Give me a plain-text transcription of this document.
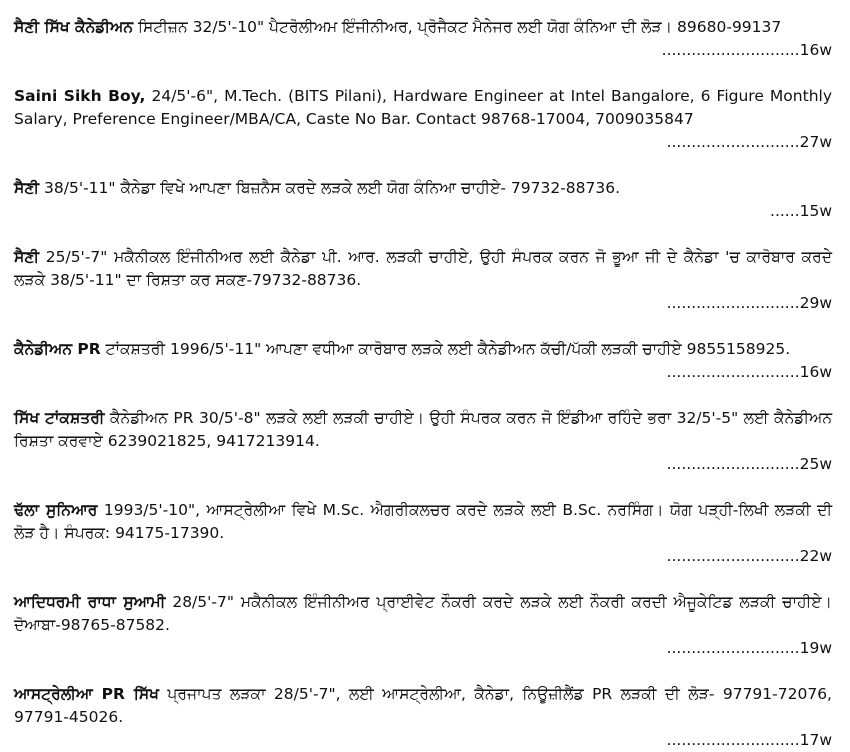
ਸੈਣੀ ਸਿੱਖ ਕੈਨੇਡੀਅਨ ਸਿਟੀਜ਼ਨ 32/5'-10" ਪੈਟਰੋਲੀਅਮ ਇੰਜੀਨੀਅਰ, ਪ੍ਰੋਜੈਕਟ ਮੈਨੇਜਰ ਲਈ ਯੋਗ ਕੰਨਿਆ ਦੀ ਲੋੜ। 89680-99137
............................16w
Saini Sikh Boy, 24/5'-6", M.Tech. (BITS Pilani), Hardware Engineer at Intel Bangalore, 6 Figure Monthly Salary, Preference Engineer/MBA/CA, Caste No Bar. Contact 98768-17004, 7009035847
...........................27w
ਸੈਣੀ 38/5'-11" ਕੈਨੇਡਾ ਵਿਖੇ ਆਪਣਾ ਬਿਜ਼ਨੈਸ ਕਰਦੇ ਲੜਕੇ ਲਈ ਯੋਗ ਕੰਨਿਆ ਚਾਹੀਏ- 79732-88736.
......15w
ਸੈਣੀ 25/5'-7" ਮਕੈਨੀਕਲ ਇੰਜੀਨੀਅਰ ਲਈ ਕੈਨੇਡਾ ਪੀ. ਆਰ. ਲੜਕੀ ਚਾਹੀਏ, ਉਹੀ ਸੰਪਰਕ ਕਰਨ ਜੋ ਭੂਆ ਜੀ ਦੇ ਕੈਨੇਡਾ 'ਚ ਕਾਰੋਬਾਰ ਕਰਦੇ ਲੜਕੇ 38/5'-11" ਦਾ ਰਿਸ਼ਤਾ ਕਰ ਸਕਣ-79732-88736.
...........................29w
ਕੈਨੇਡੀਅਨ PR ਟਾਂਕਸ਼ਤਰੀ 1996/5'-11" ਆਪਣਾ ਵਧੀਆ ਕਾਰੋਬਾਰ ਲੜਕੇ ਲਈ ਕੈਨੇਡੀਅਨ ਕੱਚੀ/ਪੱਕੀ ਲੜਕੀ ਚਾਹੀਏ 9855158925.
...........................16w
ਸਿੱਖ ਟਾਂਕਸ਼ਤਰੀ ਕੈਨੇਡੀਅਨ PR 30/5'-8" ਲੜਕੇ ਲਈ ਲੜਕੀ ਚਾਹੀਏ। ਉਹੀ ਸੰਪਰਕ ਕਰਨ ਜੋ ਇੰਡੀਆ ਰਹਿੰਦੇ ਭਰਾ 32/5'-5" ਲਈ ਕੈਨੇਡੀਅਨ ਰਿਸ਼ਤਾ ਕਰਵਾਏ 6239021825, 9417213914.
...........................25w
ਢੱਲਾ ਸੁਨਿਆਰ 1993/5'-10", ਆਸਟ੍ਰੇਲੀਆ ਵਿਖੇ M.Sc. ਐਗਰੀਕਲਚਰ ਕਰਦੇ ਲੜਕੇ ਲਈ B.Sc. ਨਰਸਿੰਗ। ਯੋਗ ਪੜ੍ਹੀ-ਲਿਖੀ ਲੜਕੀ ਦੀ ਲੋੜ ਹੈ। ਸੰਪਰਕ: 94175-17390.
...........................22w
ਆਦਿਧਰਮੀ ਰਾਧਾ ਸੁਆਮੀ 28/5'-7" ਮਕੈਨੀਕਲ ਇੰਜੀਨੀਅਰ ਪ੍ਰਾਈਵੇਟ ਨੌਕਰੀ ਕਰਦੇ ਲੜਕੇ ਲਈ ਨੌਕਰੀ ਕਰਦੀ ਐਜੂਕੇਟਿਡ ਲੜਕੀ ਚਾਹੀਏ। ਦੋਆਬਾ-98765-87582.
...........................19w
ਆਸਟ੍ਰੇਲੀਆ PR ਸਿੱਖ ਪ੍ਰਜਾਪਤ ਲੜਕਾ 28/5'-7", ਲਈ ਆਸਟ੍ਰੇਲੀਆ, ਕੈਨੇਡਾ, ਨਿਊਜ਼ੀਲੈਂਡ PR ਲੜਕੀ ਦੀ ਲੋੜ- 97791-72076, 97791-45026.
...........................17w
